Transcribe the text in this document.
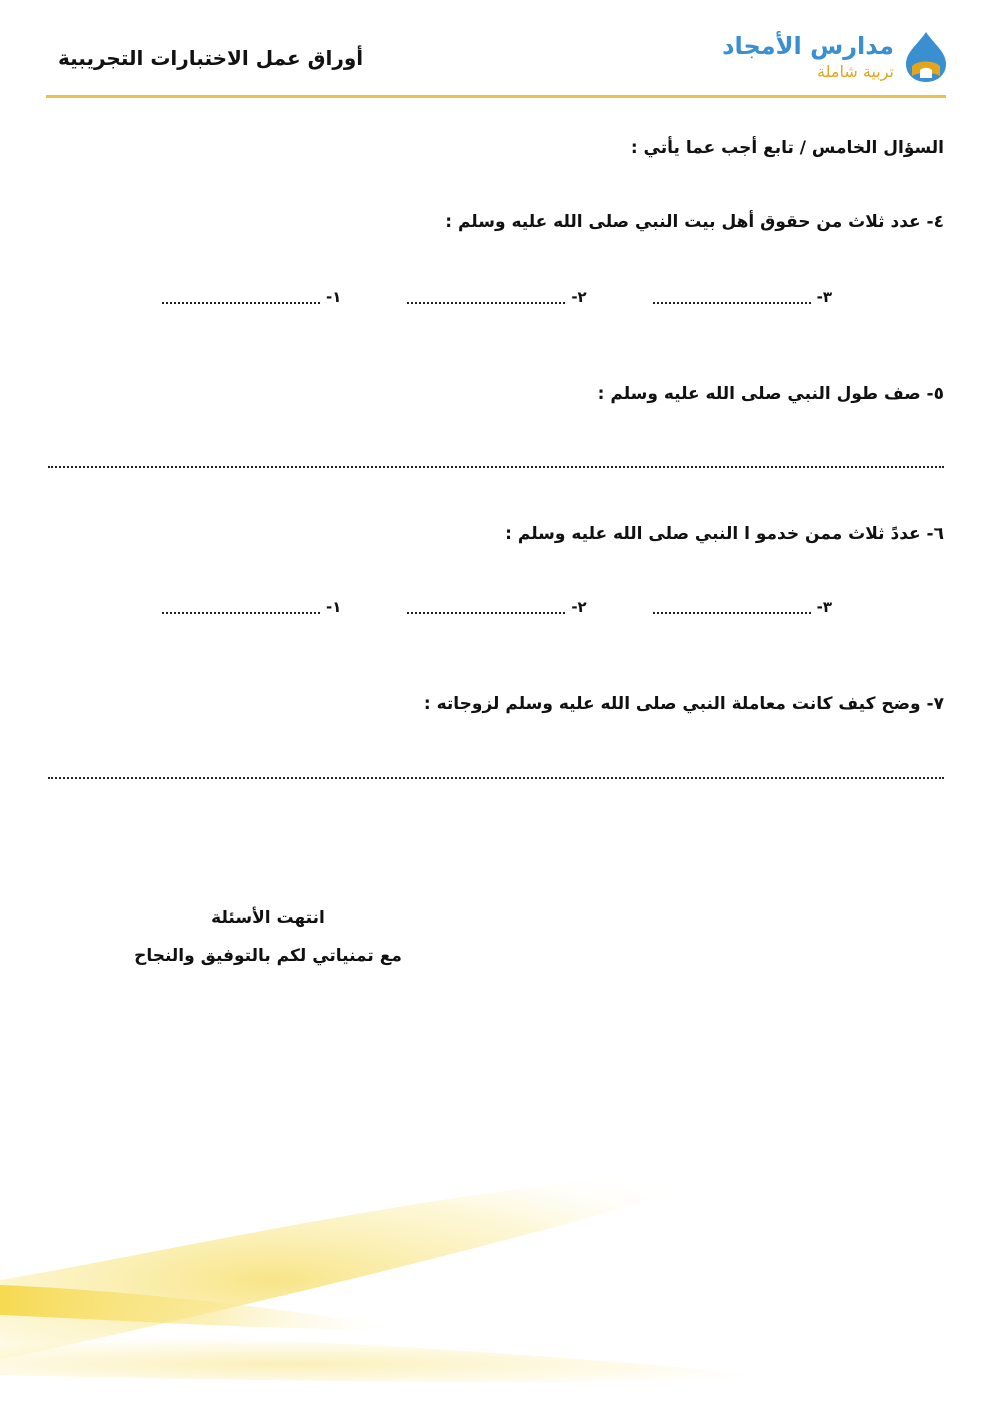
أوراق عمل الاختبارات التجريبية	مدارس الأمجاد
تربية شاملة
السؤال الخامس / تابع أجب عما يأتي :
٤- عدد ثلاث من حقوق أهل بيت النبي صلى الله عليه وسلم :
١-	٢-	٣-
٥- صف طول النبي صلى الله عليه وسلم :
٦- عددً ثلاث ممن خدمو ا النبي صلى الله عليه وسلم :
١-	٢-	٣-
٧- وضح كيف كانت معاملة النبي صلى الله عليه وسلم لزوجاته :
انتهت الأسئلة
مع تمنياتي لكم بالتوفيق والنجاح
